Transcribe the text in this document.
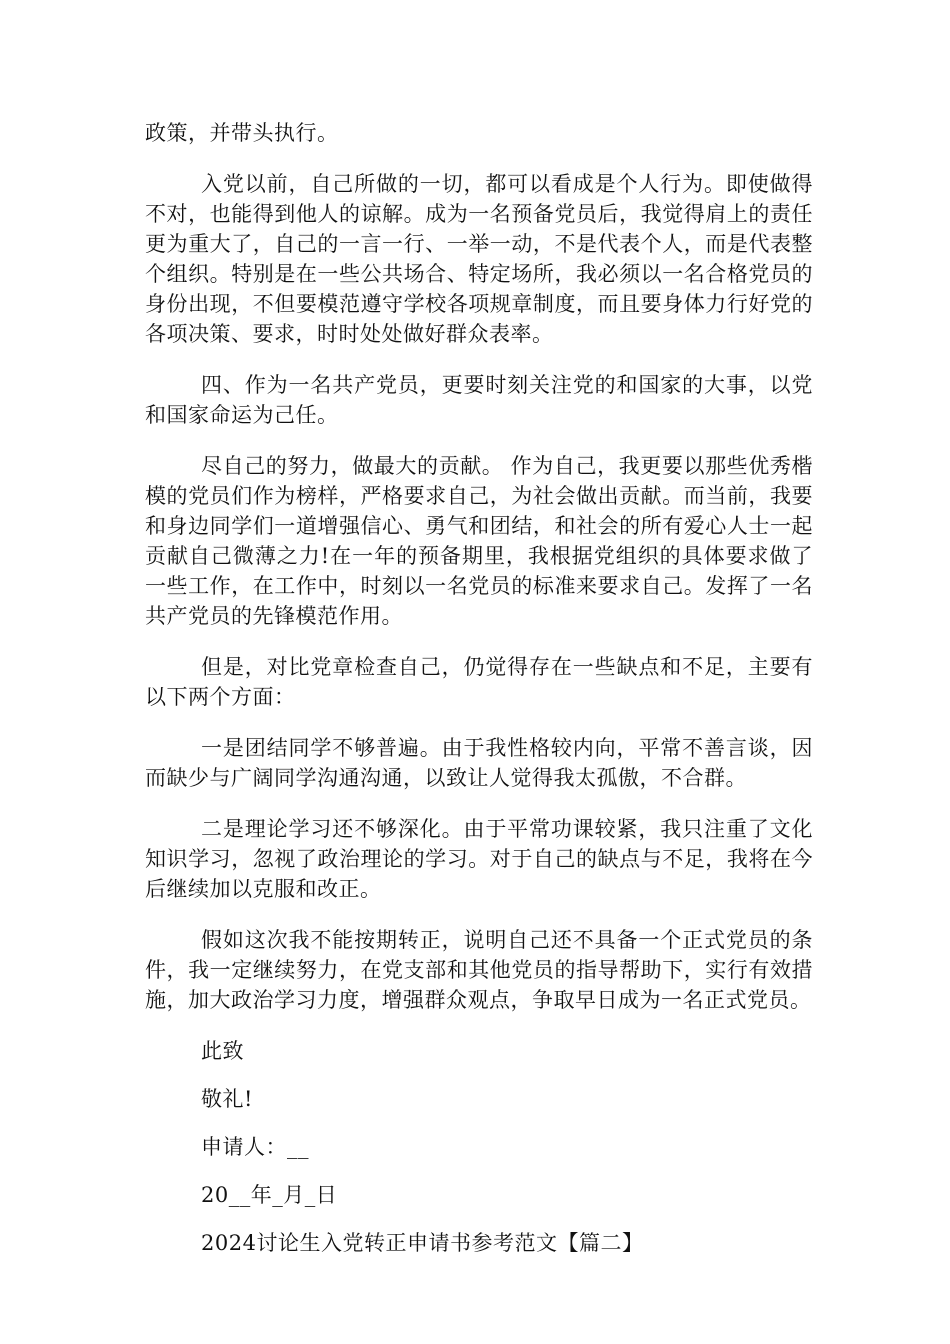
政策，并带头执行。

入党以前，自己所做的一切，都可以看成是个人行为。即使做得不对，也能得到他人的谅解。成为一名预备党员后，我觉得肩上的责任更为重大了，自己的一言一行、一举一动，不是代表个人，而是代表整个组织。特别是在一些公共场合、特定场所，我必须以一名合格党员的身份出现，不但要模范遵守学校各项规章制度，而且要身体力行好党的各项决策、要求，时时处处做好群众表率。

四、作为一名共产党员，更要时刻关注党的和国家的大事，以党和国家命运为己任。

尽自己的努力，做最大的贡献。 作为自己，我更要以那些优秀楷模的党员们作为榜样，严格要求自己，为社会做出贡献。而当前，我要和身边同学们一道增强信心、勇气和团结，和社会的所有爱心人士一起贡献自己微薄之力!在一年的预备期里，我根据党组织的具体要求做了一些工作，在工作中，时刻以一名党员的标准来要求自己。发挥了一名共产党员的先锋模范作用。

但是，对比党章检查自己，仍觉得存在一些缺点和不足，主要有以下两个方面：

一是团结同学不够普遍。由于我性格较内向，平常不善言谈，因而缺少与广阔同学沟通沟通，以致让人觉得我太孤傲，不合群。

二是理论学习还不够深化。由于平常功课较紧，我只注重了文化知识学习，忽视了政治理论的学习。对于自己的缺点与不足，我将在今后继续加以克服和改正。

假如这次我不能按期转正，说明自己还不具备一个正式党员的条件，我一定继续努力，在党支部和其他党员的指导帮助下，实行有效措施，加大政治学习力度，增强群众观点，争取早日成为一名正式党员。

此致

敬礼!

申请人：__

20__年_月_日

2024讨论生入党转正申请书参考范文【篇二】
